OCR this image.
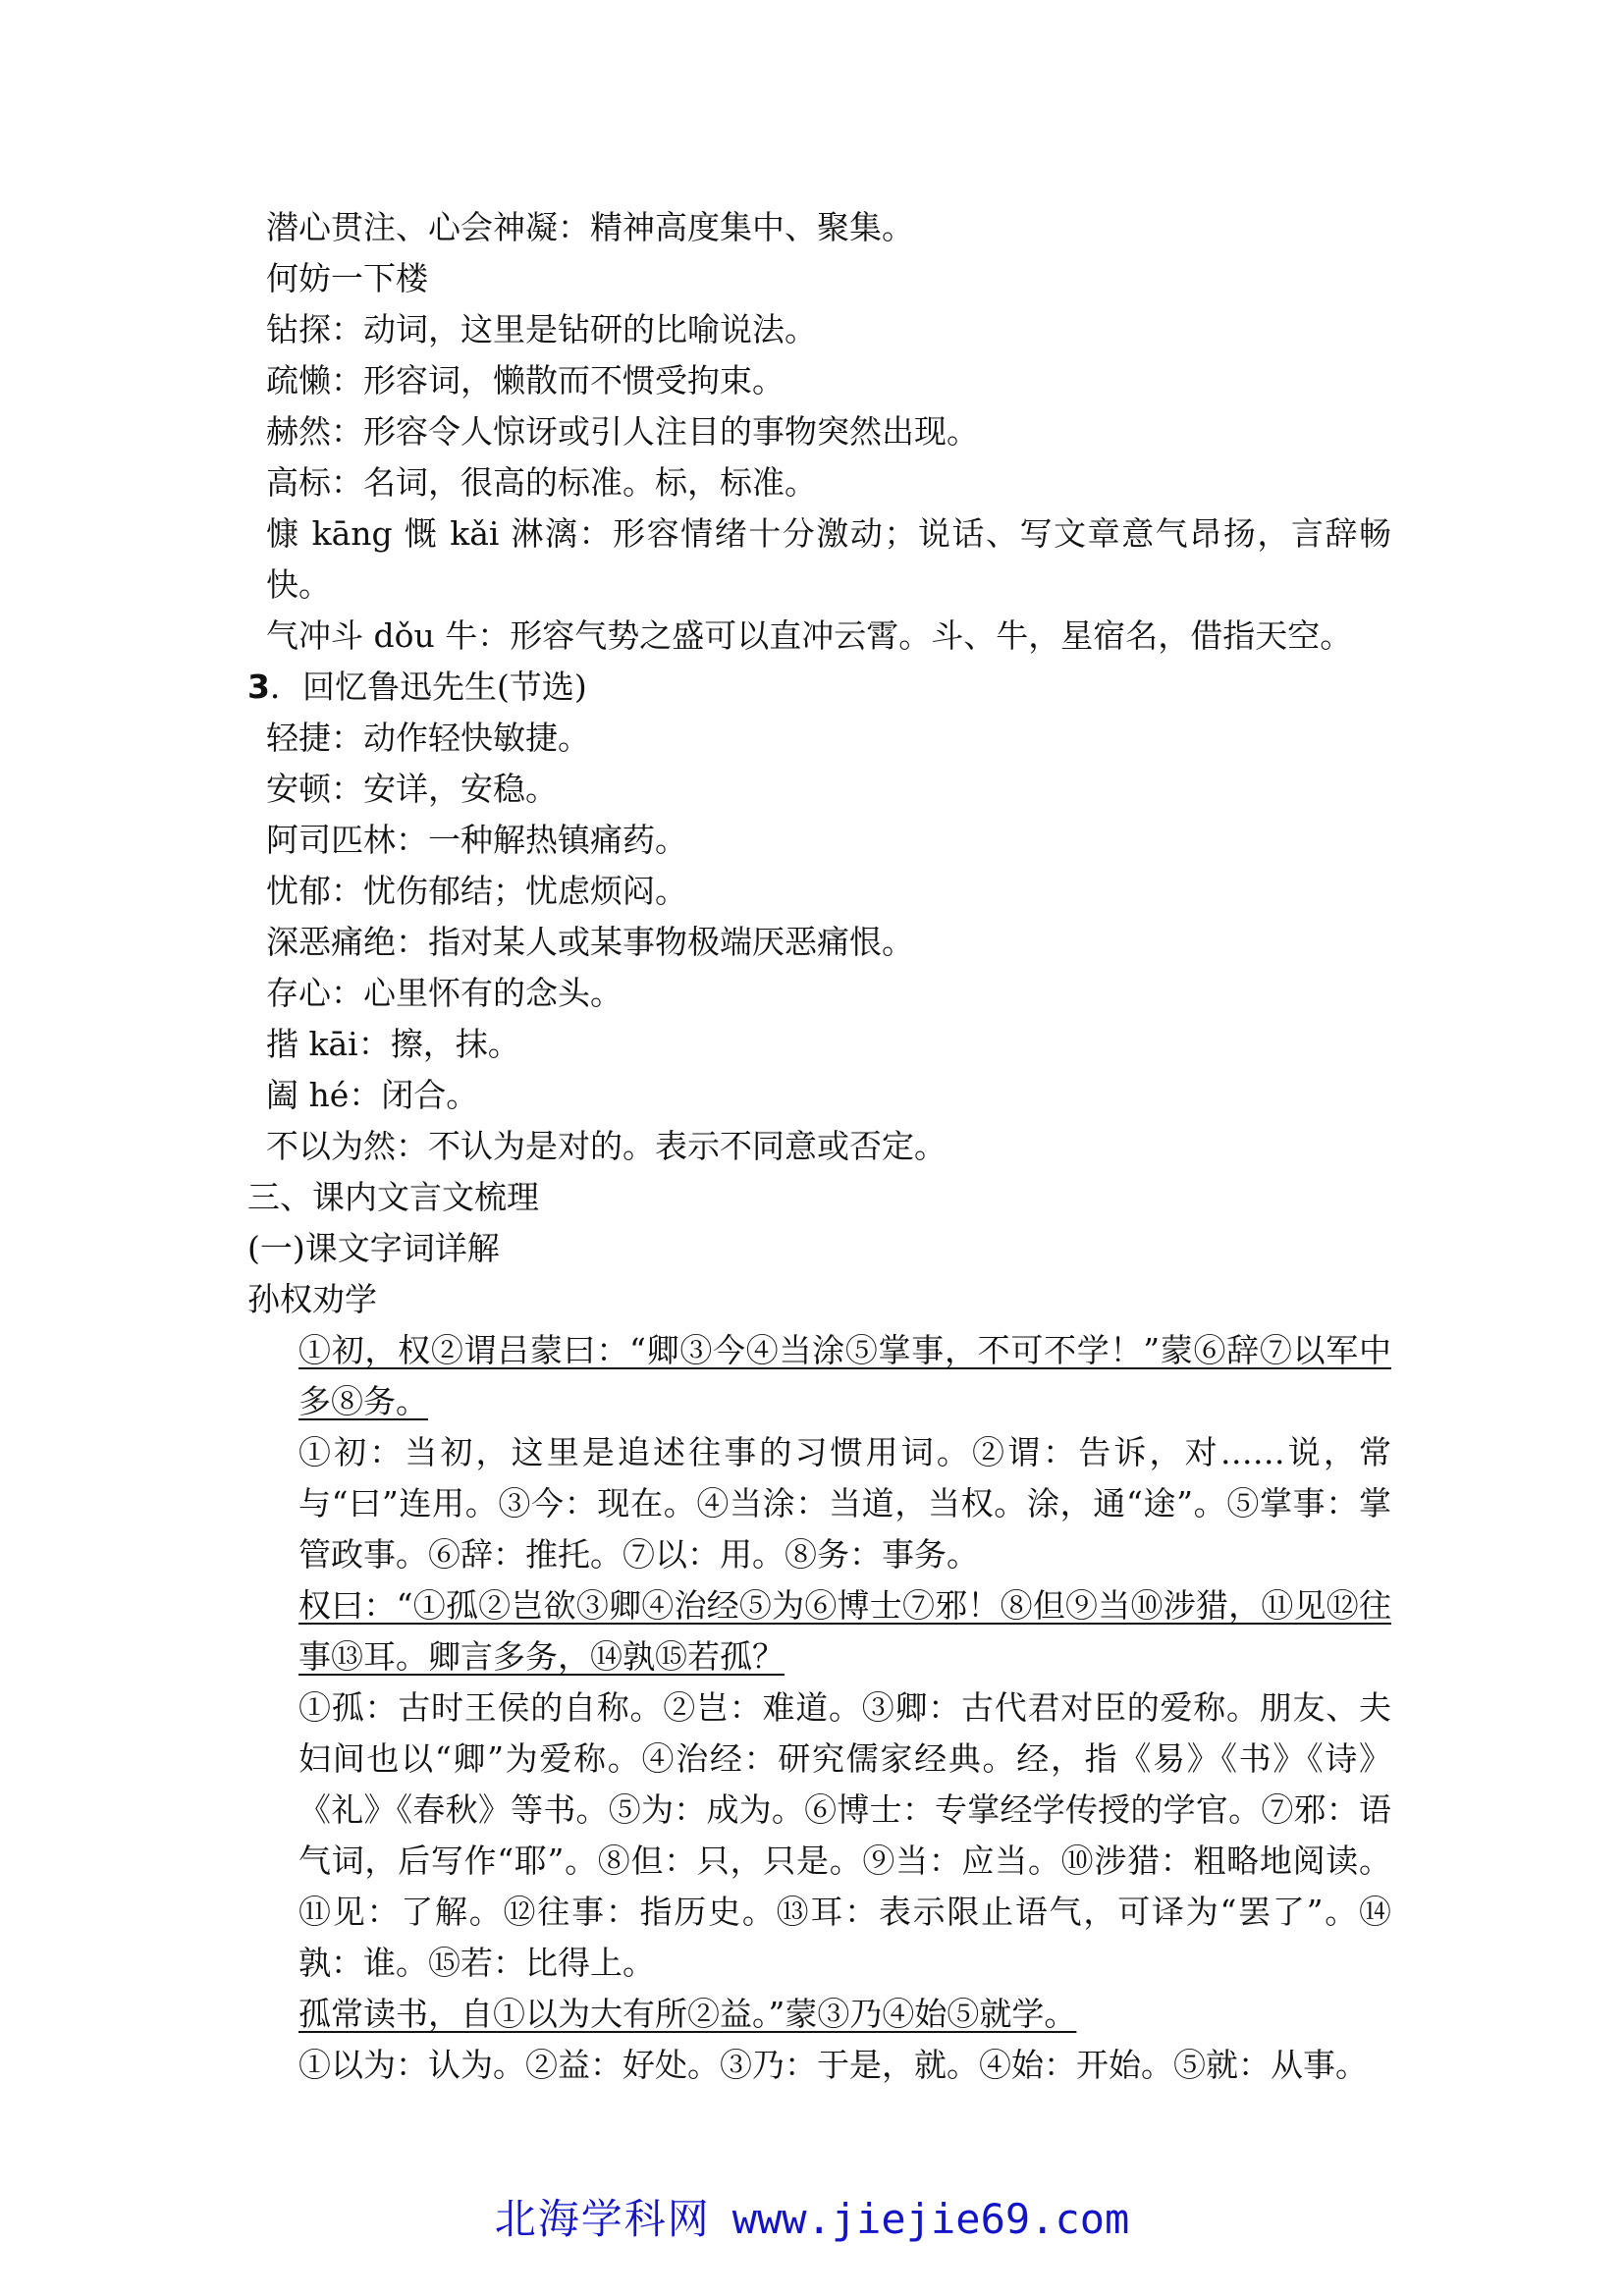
潜心贯注、心会神凝：精神高度集中、聚集。
何妨一下楼
钻探：动词，这里是钻研的比喻说法。
疏懒：形容词，懒散而不惯受拘束。
赫然：形容令人惊讶或引人注目的事物突然出现。
高标：名词，很高的标准。标，标准。
慷 kāng 慨 kǎi 淋漓：形容情绪十分激动；说话、写文章意气昂扬，言辞畅快。
气冲斗 dǒu 牛：形容气势之盛可以直冲云霄。斗、牛，星宿名，借指天空。
3．回忆鲁迅先生(节选)
轻捷：动作轻快敏捷。
安顿：安详，安稳。
阿司匹林：一种解热镇痛药。
忧郁：忧伤郁结；忧虑烦闷。
深恶痛绝：指对某人或某事物极端厌恶痛恨。
存心：心里怀有的念头。
揩 kāi：擦，抹。
阖 hé：闭合。
不以为然：不认为是对的。表示不同意或否定。
三、课内文言文梳理
(一)课文字词详解
孙权劝学
①初，权②谓吕蒙曰：“卿③今④当涂⑤掌事，不可不学！”蒙⑥辞⑦以军中多⑧务。
①初：当初，这里是追述往事的习惯用词。②谓：告诉，对……说，常与“曰”连用。③今：现在。④当涂：当道，当权。涂，通“途”。⑤掌事：掌管政事。⑥辞：推托。⑦以：用。⑧务：事务。
权曰：“①孤②岂欲③卿④治经⑤为⑥博士⑦邪！⑧但⑨当⑩涉猎，⑪见⑫往事⑬耳。卿言多务，⑭孰⑮若孤？
①孤：古时王侯的自称。②岂：难道。③卿：古代君对臣的爱称。朋友、夫妇间也以“卿”为爱称。④治经：研究儒家经典。经，指《易》《书》《诗》《礼》《春秋》等书。⑤为：成为。⑥博士：专掌经学传授的学官。⑦邪：语气词，后写作“耶”。⑧但：只，只是。⑨当：应当。⑩涉猎：粗略地阅读。⑪见：了解。⑫往事：指历史。⑬耳：表示限止语气，可译为“罢了”。⑭孰：谁。⑮若：比得上。
孤常读书，自①以为大有所②益。”蒙③乃④始⑤就学。
①以为：认为。②益：好处。③乃：于是，就。④始：开始。⑤就：从事。
北海学科网 www.jiejie69.com
